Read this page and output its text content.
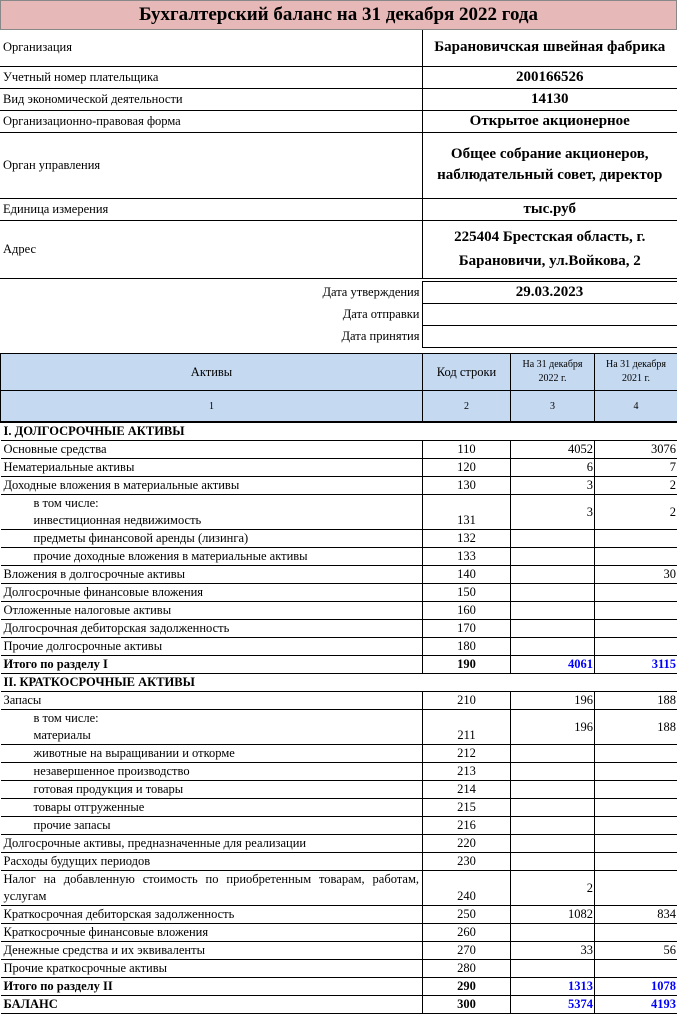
Бухгалтерский баланс на 31 декабря 2022 года
Организация	Барановичская швейная фабрика
Учетный номер плательщика	200166526
Вид экономической деятельности	14130
Организационно-правовая форма	Открытое акционерное
Орган управления	Общее собрание акционеров, наблюдательный совет, директор
Единица измерения	тыс.руб
Адрес	225404 Брестская область, г. Барановичи, ул.Войкова, 2
Дата утверждения	29.03.2023
Дата отправки	
Дата принятия	
Активы	Код строки	На 31 декабря 2022 г.	На 31 декабря 2021 г.
1	2	3	4
I. ДОЛГОСРОЧНЫЕ АКТИВЫ			
Основные средства	110	4052	3076
Нематериальные активы	120	6	7
Доходные вложения в материальные активы	130	3	2

в том числе:
инвестиционная недвижимость	131	3	2
предметы финансовой аренды (лизинга)	132		
прочие доходные вложения в материальные активы	133		
Вложения в долгосрочные активы	140		30
Долгосрочные финансовые вложения	150		
Отложенные налоговые активы	160		
Долгосрочная дебиторская задолженность	170		
Прочие долгосрочные активы	180		
Итого по разделу I	190	4061	3115
II. КРАТКОСРОЧНЫЕ АКТИВЫ			
Запасы	210	196	188

в том числе:
материалы	211	196	188
животные на выращивании и откорме	212		
незавершенное производство	213		
готовая продукция и товары	214		
товары отгруженные	215		
прочие запасы	216		
Долгосрочные активы, предназначенные для реализации	220		
Расходы будущих периодов	230		
Налог на добавленную стоимость по приобретенным товарам, работам, услугам	240	2	
Краткосрочная дебиторская задолженность	250	1082	834
Краткосрочные финансовые вложения	260		
Денежные средства и их эквиваленты	270	33	56
Прочие краткосрочные активы	280		
Итого по разделу II	290	1313	1078
БАЛАНС	300	5374	4193
